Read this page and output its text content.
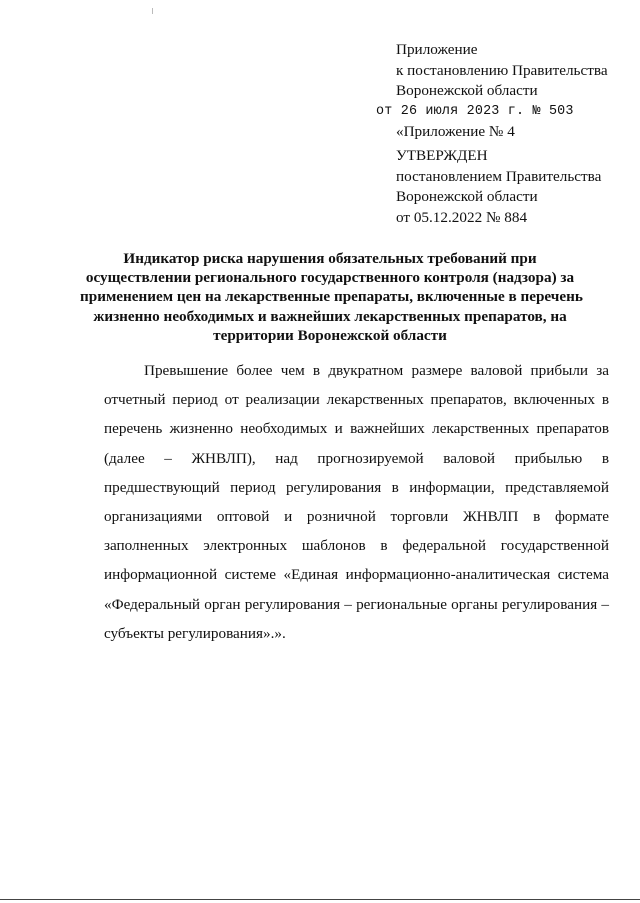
Приложение
к постановлению Правительства
Воронежской области
от 26 июля 2023 г. № 503
«Приложение № 4
УТВЕРЖДЕН
постановлением Правительства
Воронежской области
от 05.12.2022 № 884
Индикатор риска нарушения обязательных требований при
осуществлении регионального государственного контроля (надзора) за
применением цен на лекарственные препараты, включенные в перечень
жизненно необходимых и важнейших лекарственных препаратов, на
территории Воронежской области
Превышение более чем в двукратном размере валовой прибыли за
отчетный период от реализации лекарственных препаратов, включенных в
перечень жизненно необходимых и важнейших лекарственных препаратов
(далее – ЖНВЛП), над прогнозируемой валовой прибылью в
предшествующий период регулирования в информации, представляемой
организациями оптовой и розничной торговли ЖНВЛП в формате
заполненных электронных шаблонов в федеральной государственной
информационной системе «Единая информационно-аналитическая система
«Федеральный орган регулирования – региональные органы регулирования –
субъекты регулирования».».
